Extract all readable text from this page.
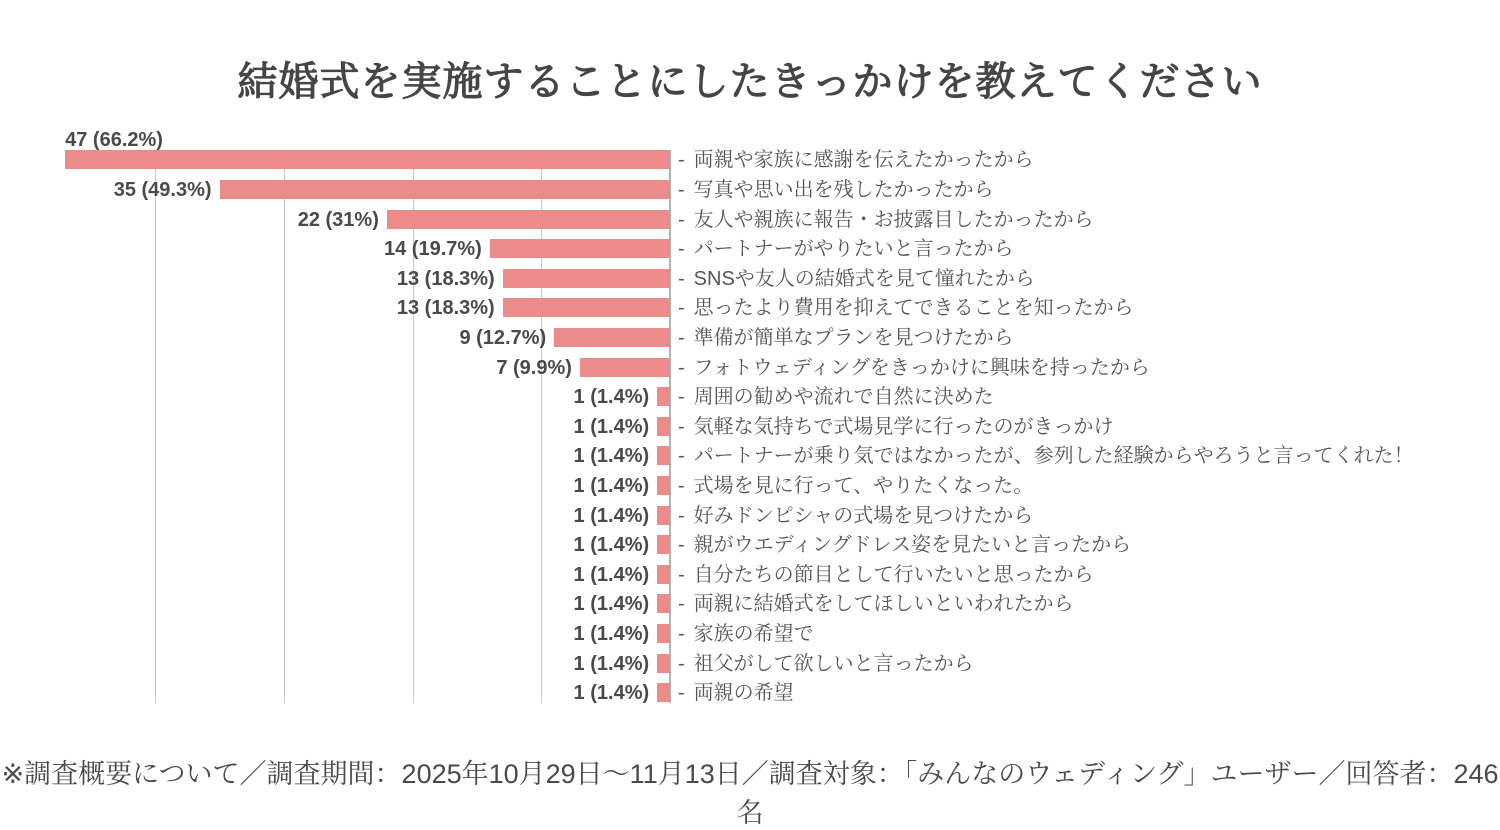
結婚式を実施することにしたきっかけを教えてください
47 (66.2%)
- 両親や家族に感謝を伝えたかったから
35 (49.3%)	- 写真や思い出を残したかったから
22 (31%)	- 友人や親族に報告・お披露目したかったから
14 (19.7%)	- パートナーがやりたいと言ったから
13 (18.3%)	- SNSや友人の結婚式を見て憧れたから
13 (18.3%)	- 思ったより費用を抑えてできることを知ったから
9 (12.7%)	- 準備が簡単なプランを見つけたから
7 (9.9%)	- フォトウェディングをきっかけに興味を持ったから
1 (1.4%) - 周囲の勧めや流れで自然に決めた
1 (1.4%) - 気軽な気持ちで式場見学に行ったのがきっかけ
1 (1.4%) - パートナーが乗り気ではなかったが、参列した経験からやろうと言ってくれた！
1 (1.4%) - 式場を見に行って、やりたくなった。
1 (1.4%) - 好みドンピシャの式場を見つけたから
1 (1.4%) - 親がウエディングドレス姿を見たいと言ったから
1 (1.4%) - 自分たちの節目として行いたいと思ったから
1 (1.4%) - 両親に結婚式をしてほしいといわれたから
1 (1.4%) - 家族の希望で
1 (1.4%) - 祖父がして欲しいと言ったから
1 (1.4%) - 両親の希望
※調査概要について／調査期間：2025年10月29日〜11月13日／調査対象：「みんなのウェディング」ユーザー／回答者：246名
